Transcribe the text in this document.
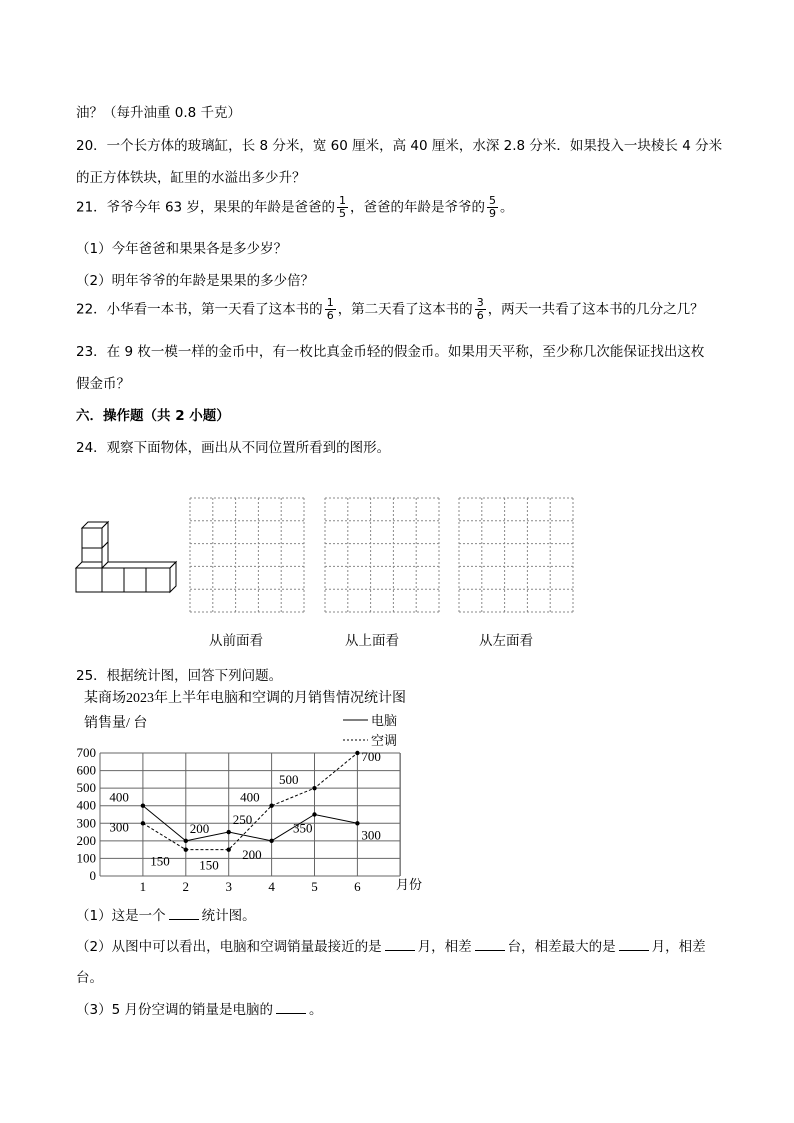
油？（每升油重 0.8 千克）
20．一个长方体的玻璃缸，长 8 分米，宽 60 厘米，高 40 厘米，水深 2.8 分米．如果投入一块棱长 4 分米
的正方体铁块，缸里的水溢出多少升？
21．爷爷今年 63 岁，果果的年龄是爸爸的 $\frac{1}{5}$ ，爸爸的年龄是爷爷的 $\frac{5}{9}$ 。
（1）今年爸爸和果果各是多少岁？
（2）明年爷爷的年龄是果果的多少倍？
22．小华看一本书，第一天看了这本书的 $\frac{1}{6}$ ，第二天看了这本书的 $\frac{3}{6}$ ，两天一共看了这本书的几分之几？
23．在 9 枚一模一样的金币中，有一枚比真金币轻的假金币。如果用天平称，至少称几次能保证找出这枚
假金币？
六．操作题（共 2 小题）
24．观察下面物体，画出从不同位置所看到的图形。
从前面看	从上面看	从左面看
25．根据统计图，回答下列问题。
某商场2023年上半年电脑和空调的月销售情况统计图
销售量/ 台
月份
电脑
空调
0
100
200
300
400
500
600
700
1	2	3	4	5	6
400
200
250
200
350	300
300
150 150
400
500
700
（1）这是一个	统计图。
（2）从图中可以看出，电脑和空调销量最接近的是	月，相差	台，相差最大的是	月，相差
台。
（3）5 月份空调的销量是电脑的	。
